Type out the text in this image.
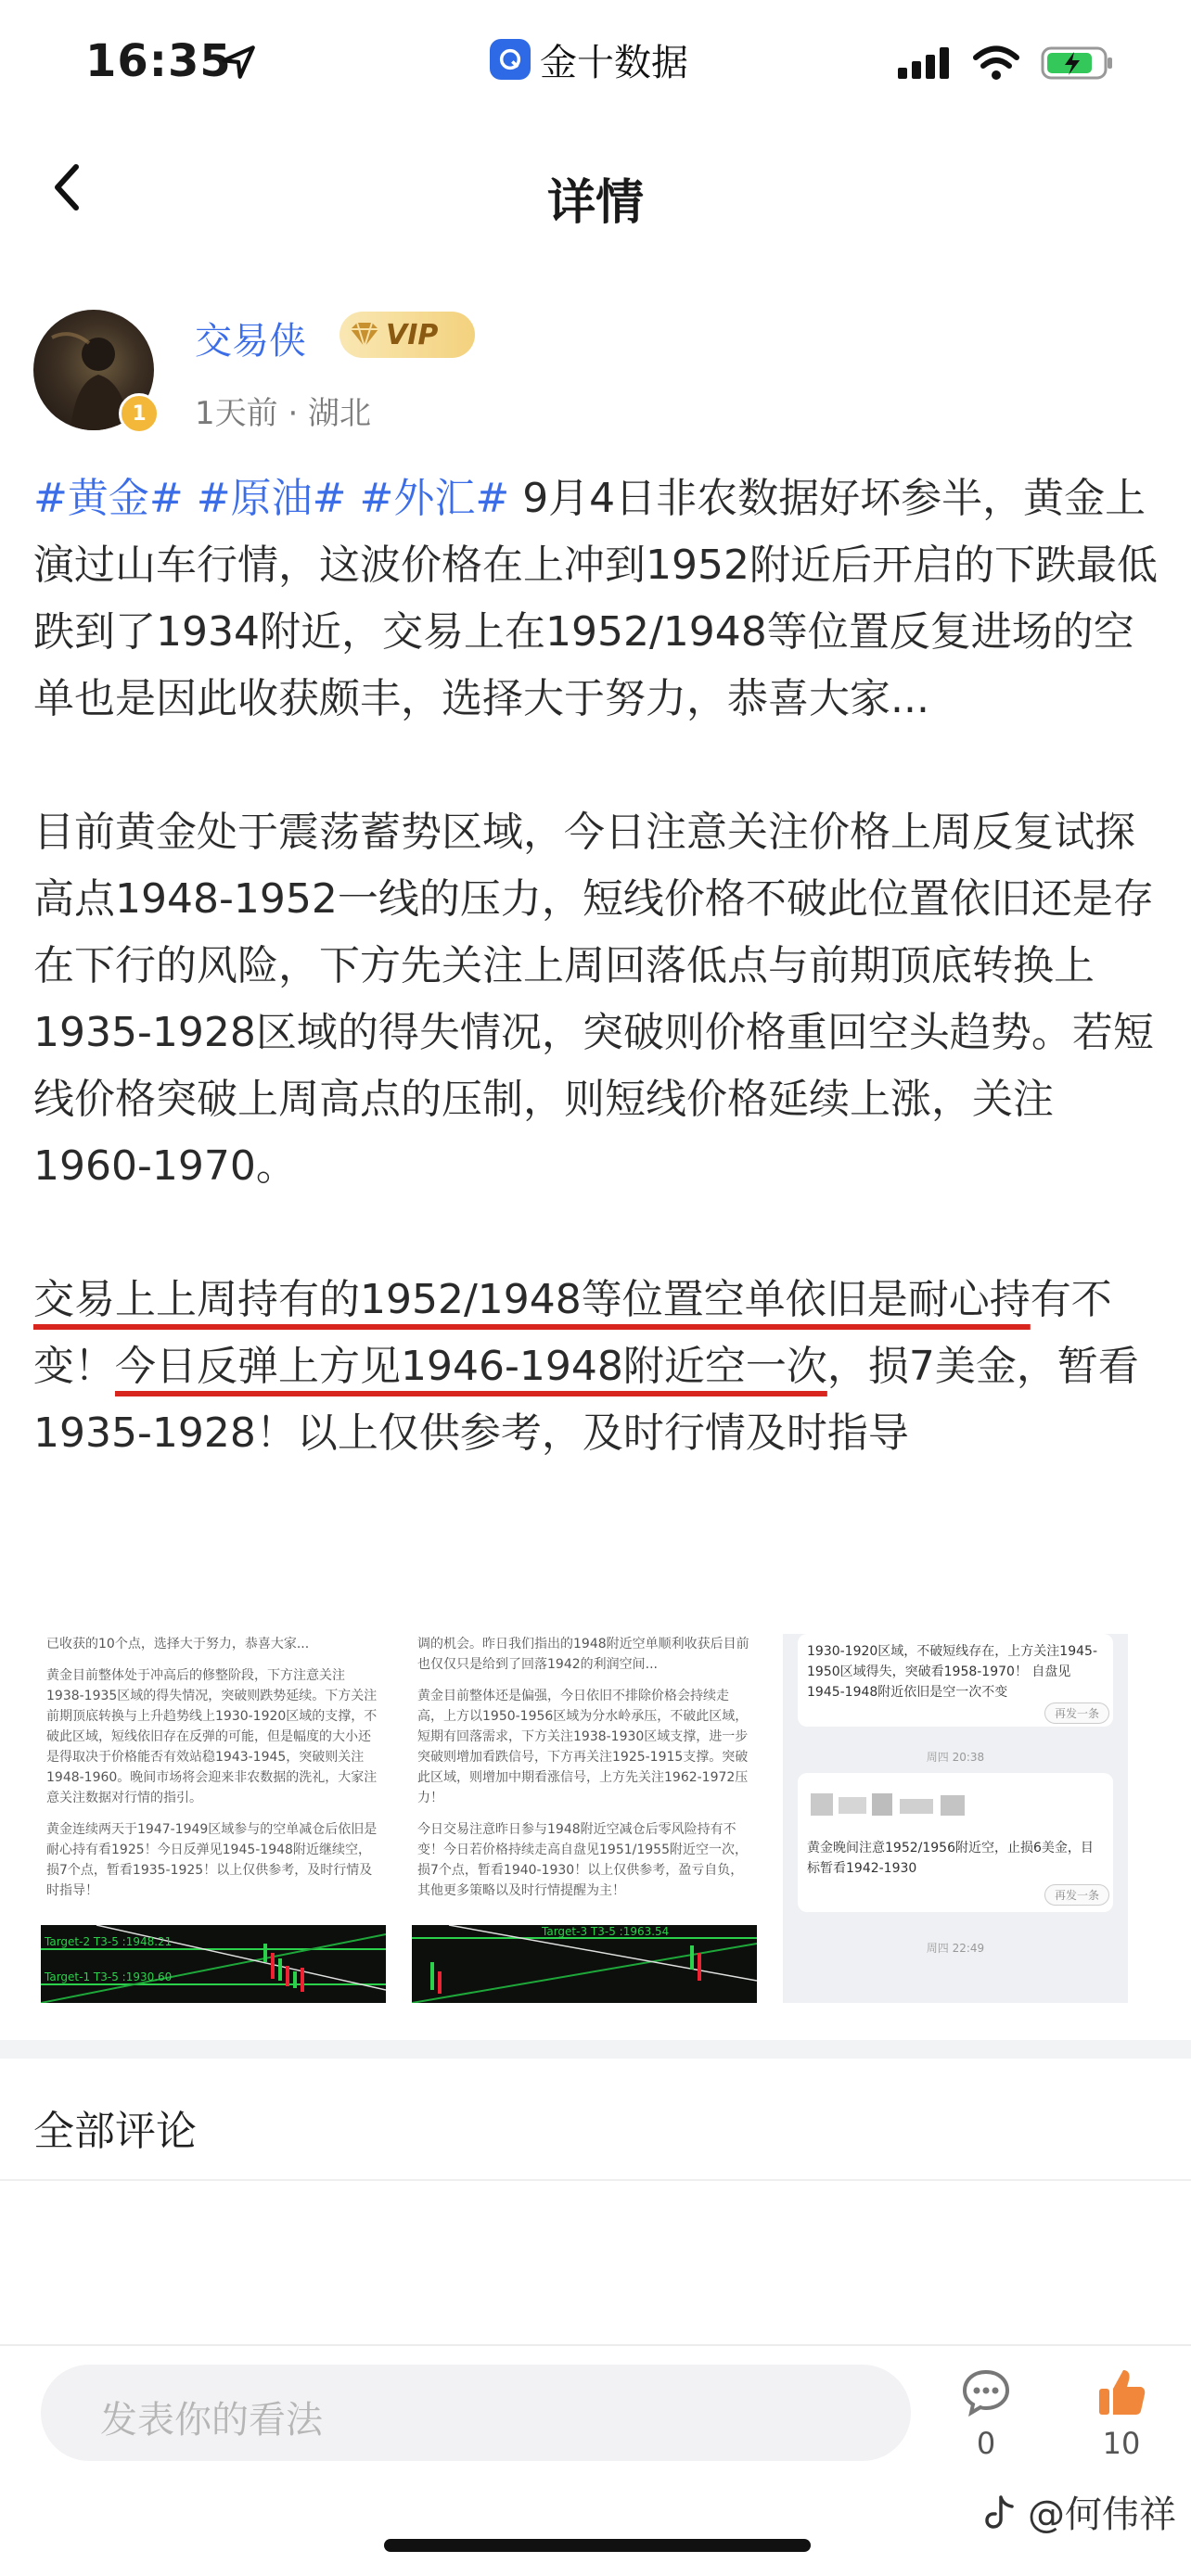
16:35	金十数据
详情
1
交易侠	VIP
1天前 · 湖北

#黄金# #原油# #外汇# 9月4日非农数据好坏参半，黄金上演过山车行情，这波价格在上冲到1952附近后开启的下跌最低跌到了1934附近，交易上在1952/1948等位置反复进场的空单也是因此收获颇丰，选择大于努力，恭喜大家...

目前黄金处于震荡蓄势区域，今日注意关注价格上周反复试探高点1948-1952一线的压力，短线价格不破此位置依旧还是存在下行的风险，下方先关注上周回落低点与前期顶底转换上1935-1928区域的得失情况，突破则价格重回空头趋势。若短线价格突破上周高点的压制，则短线价格延续上涨，关注1960-1970。

交易上上周持有的1952/1948等位置空单依旧是耐心持有不变！今日反弹上方见1946-1948附近空一次，损7美金，暂看1935-1928！以上仅供参考，及时行情及时指导

已收获的10个点，选择大于努力，恭喜大家...
黄金目前整体处于冲高后的修整阶段，下方注意关注1938-1935区域的得失情况，突破则跌势延续。下方关注前期顶底转换与上升趋势线上1930-1920区域的支撑，不破此区域，短线依旧存在反弹的可能，但是幅度的大小还是得取决于价格能否有效站稳1943-1945，突破则关注1948-1960。晚间市场将会迎来非农数据的洗礼，大家注意关注数据对行情的指引。
黄金连续两天于1947-1949区域参与的空单减仓后依旧是耐心持有看1925！今日反弹见1945-1948附近继续空，损7个点，暂看1935-1925！以上仅供参考，及时行情及时指导！
Target-2 T3-5 :1948.21
Target-1 T3-5 :1930.60
调的机会。昨日我们指出的1948附近空单顺利收获后目前也仅仅只是给到了回落1942的利润空间...
黄金目前整体还是偏强，今日依旧不排除价格会持续走高，上方以1950-1956区域为分水岭承压，不破此区域，短期有回落需求，下方关注1938-1930区域支撑，进一步突破则增加看跌信号，下方再关注1925-1915支撑。突破此区域，则增加中期看涨信号，上方先关注1962-1972压力！
今日交易注意昨日参与1948附近空减仓后零风险持有不变！今日若价格持续走高自盘见1951/1955附近空一次，损7个点，暂看1940-1930！以上仅供参考，盈亏自负，其他更多策略以及时行情提醒为主！
Target-3 T3-5 :1963.54
1930-1920区域，不破短线存在，上方关注1945-1950区域得失，突破看1958-1970！ 自盘见1945-1948附近依旧是空一次不变
再发一条
周四 20:38
黄金晚间注意1952/1956附近空，止损6美金，目标暂看1942-1930
再发一条
周四 22:49
全部评论
发表你的看法
0	10
@何伟祥
